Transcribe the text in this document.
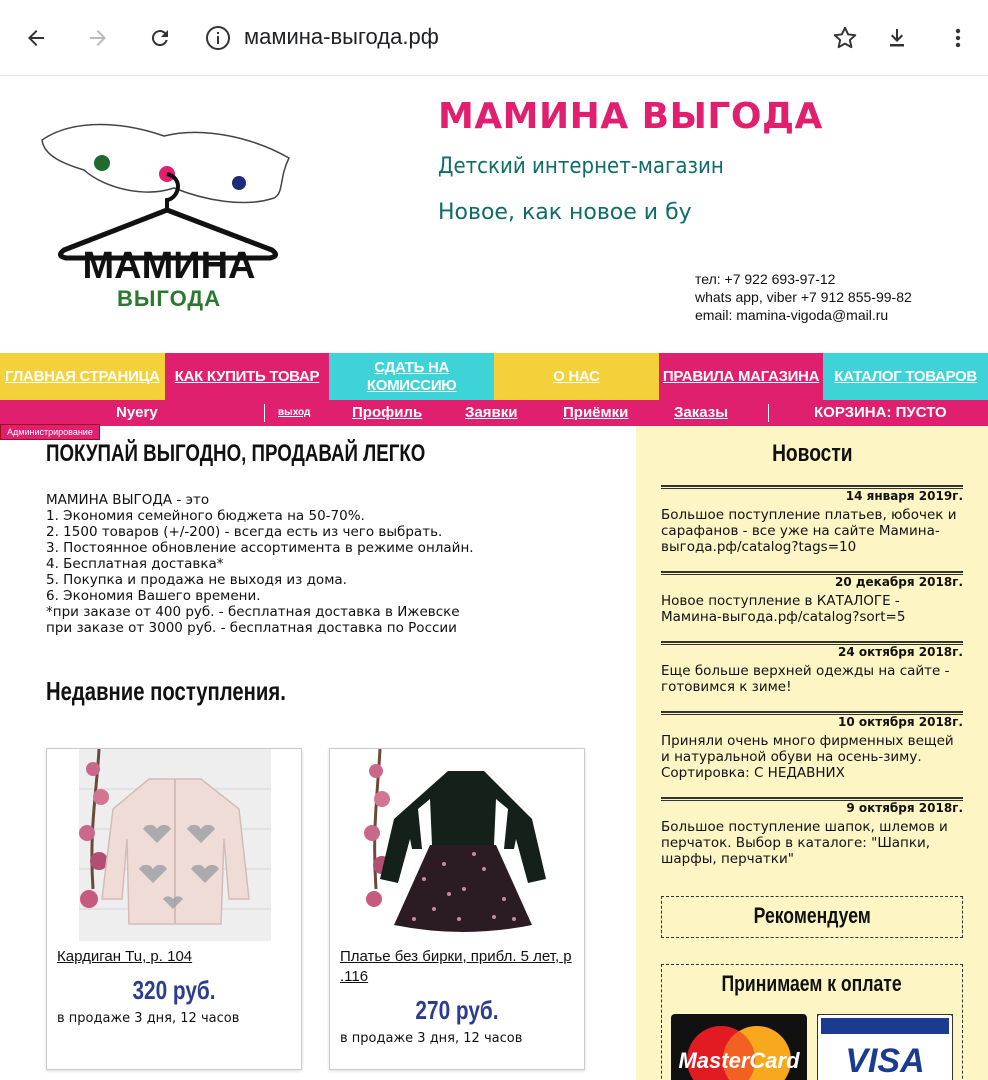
мамина-выгода.рф
МАМИНА
ВЫГОДА
МАМИНА ВЫГОДА
Детский интернет-магазин
Новое, как новое и бу
тел: +7 922 693-97-12
whats app, viber +7 912 855-99-82
email: mamina-vigoda@mail.ru
ГЛАВНАЯ СТРАНИЦА	КАК КУПИТЬ ТОВАР
СДАТЬ НА КОМИССИЮ
О НАС	ПРАВИЛА МАГАЗИНА	КАТАЛОГ ТОВАРОВ
Nyery	выход	Профиль	Заявки	Приёмки	Заказы	КОРЗИНА: ПУСТО
Администрирование
ПОКУПАЙ ВЫГОДНО, ПРОДАВАЙ ЛЕГКО
МАМИНА ВЫГОДА - это
1. Экономия семейного бюджета на 50-70%.
2. 1500 товаров (+/-200) - всегда есть из чего выбрать.
3. Постоянное обновление ассортимента в режиме онлайн.
4. Бесплатная доставка*
5. Покупка и продажа не выходя из дома.
6. Экономия Вашего времени.
*при заказе от 400 руб. - бесплатная доставка в Ижевске
при заказе от 3000 руб. - бесплатная доставка по России
Недавние поступления.
Кардиган Tu, р. 104
320 руб.
в продаже 3 дня, 12 часов
Платье без бирки, прибл. 5 лет, р .116
270 руб.
в продаже 3 дня, 12 часов
Новости
14 января 2019г.
Большое поступление платьев, юбочек и сарафанов - все уже на сайте Мамина-выгода.рф/catalog?tags=10
20 декабря 2018г.
Новое поступление в КАТАЛОГЕ - Мамина-выгода.рф/catalog?sort=5
24 октября 2018г.
Еще больше верхней одежды на сайте - готовимся к зиме!
10 октября 2018г.
Приняли очень много фирменных вещей и натуральной обуви на осень-зиму. Сортировка: С НЕДАВНИХ
9 октября 2018г.
Большое поступление шапок, шлемов и перчаток. Выбор в каталоге: "Шапки, шарфы, перчатки"
Рекомендуем
Принимаем к оплате
MasterCard VISA
